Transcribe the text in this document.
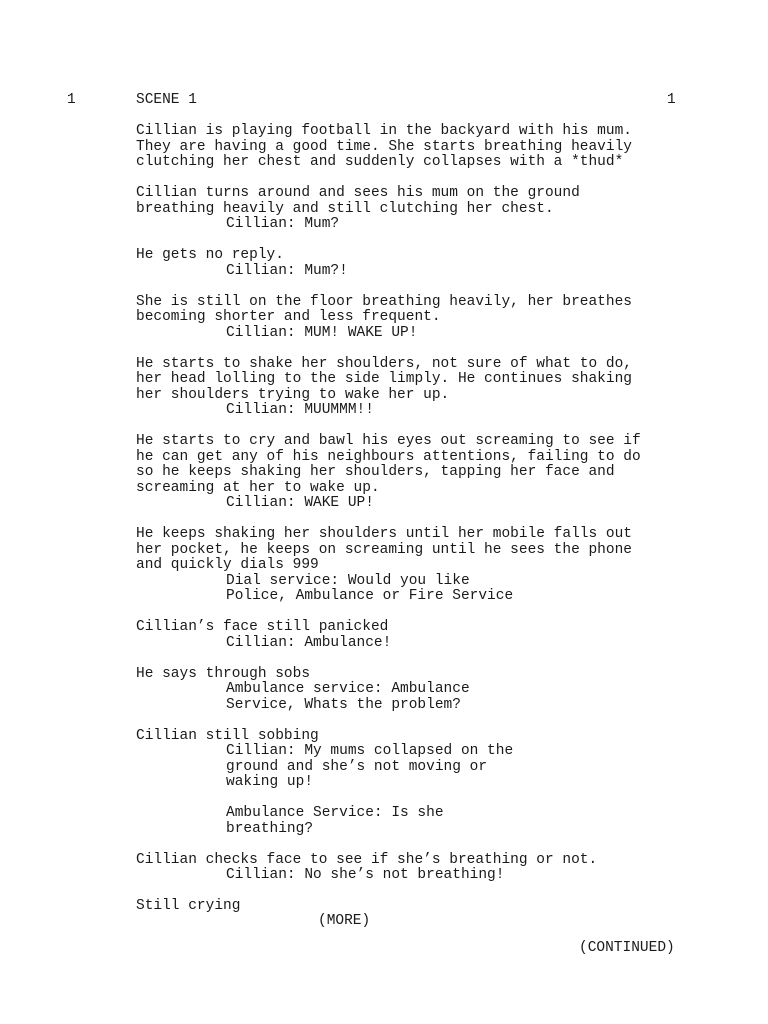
1	SCENE 1	1
Cillian is playing football in the backyard with his mum.
They are having a good time. She starts breathing heavily
clutching her chest and suddenly collapses with a *thud*
Cillian turns around and sees his mum on the ground
breathing heavily and still clutching her chest.
Cillian: Mum?
He gets no reply.
Cillian: Mum?!
She is still on the floor breathing heavily, her breathes
becoming shorter and less frequent.
Cillian: MUM! WAKE UP!
He starts to shake her shoulders, not sure of what to do,
her head lolling to the side limply. He continues shaking
her shoulders trying to wake her up.
Cillian: MUUMMM!!
He starts to cry and bawl his eyes out screaming to see if
he can get any of his neighbours attentions, failing to do
so he keeps shaking her shoulders, tapping her face and
screaming at her to wake up.
Cillian: WAKE UP!
He keeps shaking her shoulders until her mobile falls out
her pocket, he keeps on screaming until he sees the phone
and quickly dials 999
Dial service: Would you like
Police, Ambulance or Fire Service
Cillian’s face still panicked
Cillian: Ambulance!
He says through sobs
Ambulance service: Ambulance
Service, Whats the problem?
Cillian still sobbing
Cillian: My mums collapsed on the
ground and she’s not moving or
waking up!
Ambulance Service: Is she
breathing?
Cillian checks face to see if she’s breathing or not.
Cillian: No she’s not breathing!
Still crying
(MORE)
(CONTINUED)
